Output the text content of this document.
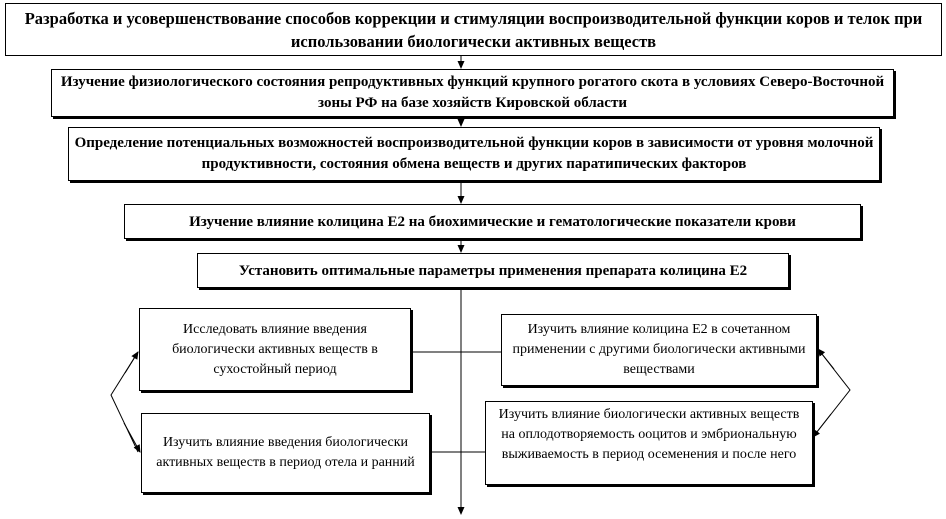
Разработка и усовершенствование способов коррекции и стимуляции воспроизводительной функции коров и телок при использовании биологически активных веществ
Изучение физиологического состояния репродуктивных функций крупного рогатого скота в условиях Северо-Восточной зоны РФ на базе хозяйств Кировской области
Определение потенциальных возможностей воспроизводительной функции коров в зависимости от уровня молочной продуктивности, состояния обмена веществ и других паратипических факторов
Изучение влияние колицина Е2 на биохимические и гематологические показатели крови
Установить оптимальные параметры применения препарата колицина Е2
Исследовать влияние введения биологически активных веществ в сухостойный период
Изучить влияние введения биологически активных веществ в период отела и ранний
Изучить влияние колицина Е2 в сочетанном применении с другими биологически активными веществами
Изучить влияние биологически активных веществ на оплодотворяемость ооцитов и эмбриональную выживаемость в период осеменения и после него
